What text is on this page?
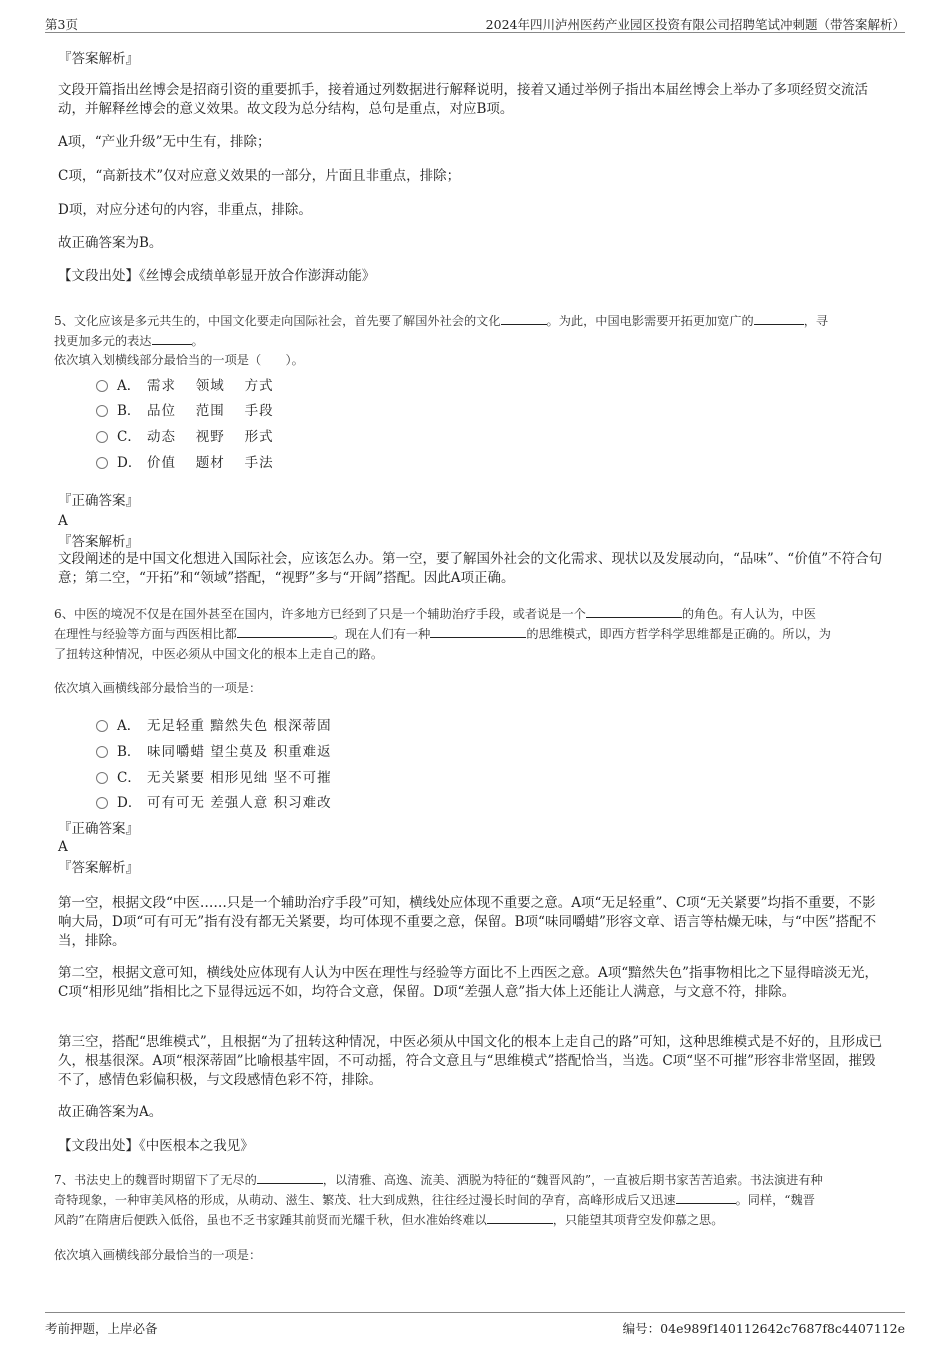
第3页	2024年四川泸州医药产业园区投资有限公司招聘笔试冲刺题（带答案解析）
『答案解析』
文段开篇指出丝博会是招商引资的重要抓手，接着通过列数据进行解释说明，接着又通过举例子指出本届丝博会上举办了多项经贸交流活动，并解释丝博会的意义效果。故文段为总分结构，总句是重点，对应B项。
A项，“产业升级”无中生有，排除；
C项，“高新技术”仅对应意义效果的一部分，片面且非重点，排除；
D项，对应分述句的内容，非重点，排除。
故正确答案为B。
【文段出处】《丝博会成绩单彰显开放合作澎湃动能》
5、文化应该是多元共生的，中国文化要走向国际社会，首先要了解国外社会的文化	。为此，中国电影需要开拓更加宽广的	，寻
找更加多元的表达	。
依次填入划横线部分最恰当的一项是（　　）。
A． 需求　 领域　 方式
B． 品位　 范围　 手段
C． 动态　 视野　 形式
D． 价值　 题材　 手法
『正确答案』
A
『答案解析』
文段阐述的是中国文化想进入国际社会，应该怎么办。第一空，要了解国外社会的文化需求、现状以及发展动向，“品味”、“价值”不符合句意；第二空，“开拓”和“领域”搭配，“视野”多与“开阔”搭配。因此A项正确。
6、中医的境况不仅是在国外甚至在国内，许多地方已经到了只是一个辅助治疗手段，或者说是一个	的角色。有人认为，中医
在理性与经验等方面与西医相比都	。现在人们有一种	的思维模式，即西方哲学科学思维都是正确的。所以，为
了扭转这种情况，中医必须从中国文化的根本上走自己的路。
依次填入画横线部分最恰当的一项是：
A． 无足轻重 黯然失色 根深蒂固
B． 味同嚼蜡 望尘莫及 积重难返
C． 无关紧要 相形见绌 坚不可摧
D． 可有可无 差强人意 积习难改
『正确答案』
A
『答案解析』
第一空，根据文段“中医……只是一个辅助治疗手段”可知，横线处应体现不重要之意。A项“无足轻重”、C项“无关紧要”均指不重要，不影响大局，D项“可有可无”指有没有都无关紧要，均可体现不重要之意，保留。B项“味同嚼蜡”形容文章、语言等枯燥无味，与“中医”搭配不当，排除。
第二空，根据文意可知，横线处应体现有人认为中医在理性与经验等方面比不上西医之意。A项“黯然失色”指事物相比之下显得暗淡无光，C项“相形见绌”指相比之下显得远远不如，均符合文意，保留。D项“差强人意”指大体上还能让人满意，与文意不符，排除。
第三空，搭配“思维模式”，且根据“为了扭转这种情况，中医必须从中国文化的根本上走自己的路”可知，这种思维模式是不好的，且形成已久，根基很深。A项“根深蒂固”比喻根基牢固，不可动摇，符合文意且与“思维模式”搭配恰当，当选。C项“坚不可摧”形容非常坚固，摧毁不了，感情色彩偏积极，与文段感情色彩不符，排除。
故正确答案为A。
【文段出处】《中医根本之我见》
7、书法史上的魏晋时期留下了无尽的	，以清雅、高逸、流美、洒脱为特征的“魏晋风韵”，一直被后期书家苦苦追索。书法演进有种
奇特现象，一种审美风格的形成，从萌动、滋生、繁茂、壮大到成熟，往往经过漫长时间的孕育，高峰形成后又迅速	。同样，“魏晋
风韵”在隋唐后便跌入低俗，虽也不乏书家踵其前贤而光耀千秋，但水准始终难以	，只能望其项背空发仰慕之思。
依次填入画横线部分最恰当的一项是：
考前押题，上岸必备	编号：04e989f140112642c7687f8c4407112e
